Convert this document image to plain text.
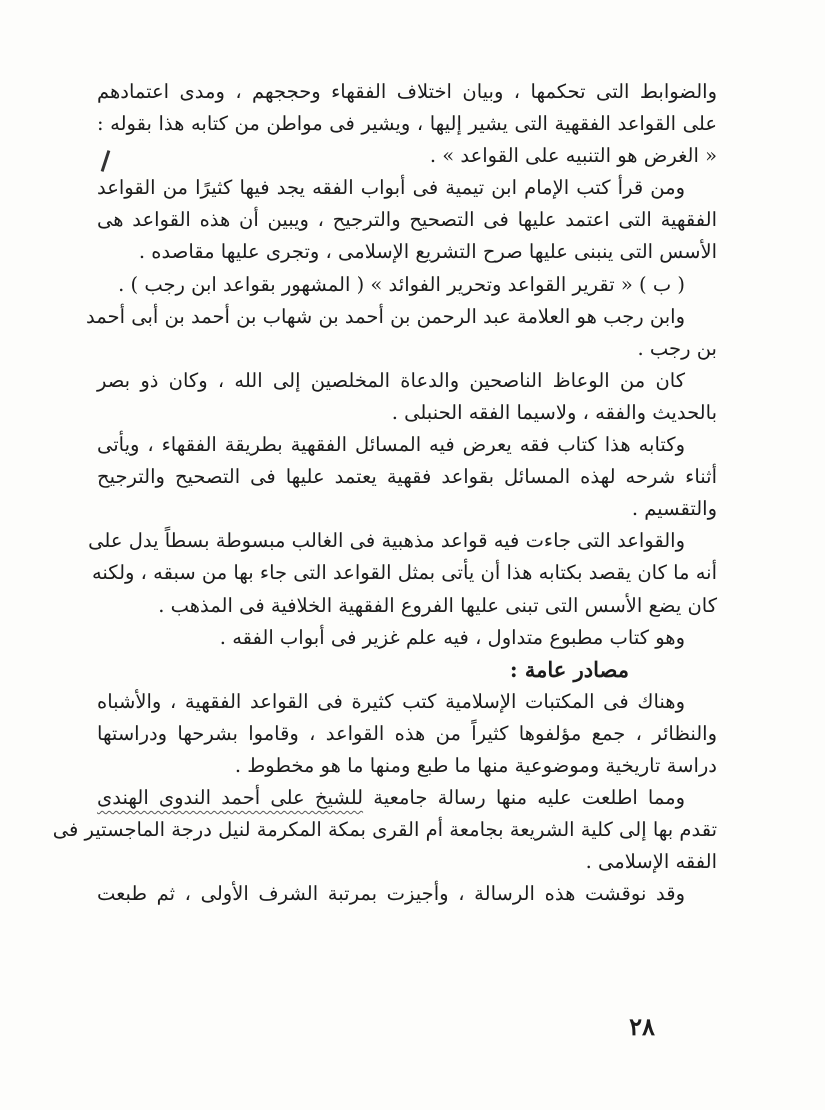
والضوابط التى تحكمها ، وبيان اختلاف الفقهاء وحججهم ، ومدى اعتمادهم
على القواعد الفقهية التى يشير إليها ، ويشير فى مواطن من كتابه هذا بقوله :
« الغرض هو التنبيه على القواعد » .
ومن قرأ كتب الإمام ابن تيمية فى أبواب الفقه يجد فيها كثيرًا من القواعد
الفقهية التى اعتمد عليها فى التصحيح والترجيح ، ويبين أن هذه القواعد هى
الأسس التى ينبنى عليها صرح التشريع الإسلامى ، وتجرى عليها مقاصده .
( ب ) « تقرير القواعد وتحرير الفوائد » ( المشهور بقواعد ابن رجب ) .
وابن رجب هو العلامة عبد الرحمن بن أحمد بن شهاب بن أحمد بن أبى أحمد
بن رجب .
كان من الوعاظ الناصحين والدعاة المخلصين إلى الله ، وكان ذو بصر
بالحديث والفقه ، ولاسيما الفقه الحنبلى .
وكتابه هذا كتاب فقه يعرض فيه المسائل الفقهية بطريقة الفقهاء ، ويأتى
أثناء شرحه لهذه المسائل بقواعد فقهية يعتمد عليها فى التصحيح والترجيح
والتقسيم .
والقواعد التى جاءت فيه قواعد مذهبية فى الغالب مبسوطة بسطاً يدل على
أنه ما كان يقصد بكتابه هذا أن يأتى بمثل القواعد التى جاء بها من سبقه ، ولكنه
كان يضع الأسس التى تبنى عليها الفروع الفقهية الخلافية فى المذهب .
وهو كتاب مطبوع متداول ، فيه علم غزير فى أبواب الفقه .
مصادر عامة :
وهناك فى المكتبات الإسلامية كتب كثيرة فى القواعد الفقهية ، والأشباه
والنظائر ، جمع مؤلفوها كثيراً من هذه القواعد ، وقاموا بشرحها ودراستها
دراسة تاريخية وموضوعية منها ما طبع ومنها ما هو مخطوط .
ومما اطلعت عليه منها رسالة جامعية للشيخ على أحمد الندوى الهندى
تقدم بها إلى كلية الشريعة بجامعة أم القرى بمكة المكرمة لنيل درجة الماجستير فى
الفقه الإسلامى .
وقد نوقشت هذه الرسالة ، وأجيزت بمرتبة الشرف الأولى ، ثم طبعت
٢٨
